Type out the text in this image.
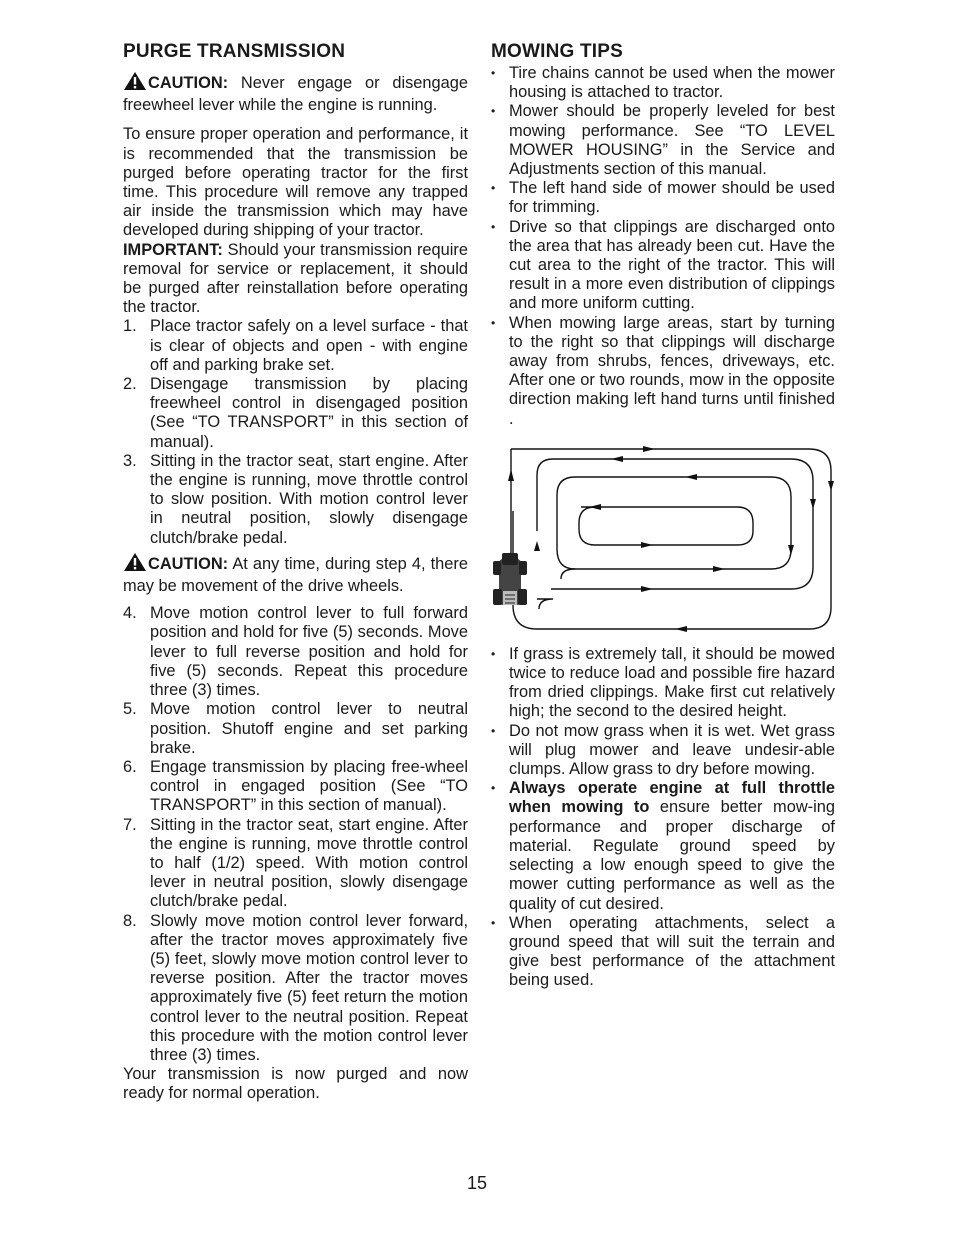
PURGE TRANSMISSION

CAUTION: Never engage or disengage freewheel lever while the engine is running.

To ensure proper operation and performance, it is recommended that the transmission be purged before operating tractor for the first time. This procedure will remove any trapped air inside the transmission which may have developed during shipping of your tractor.

IMPORTANT: Should your transmission require removal for service or replacement, it should be purged after reinstallation before operating the tractor.

1. Place tractor safely on a level surface - that is clear of objects and open - with engine off and parking brake set.
2. Disengage transmission by placing freewheel control in disengaged position (See “TO TRANSPORT” in this section of manual).
3. Sitting in the tractor seat, start engine. After the engine is running, move throttle control to slow position. With motion control lever in neutral position, slowly disengage clutch/brake pedal.

CAUTION: At any time, during step 4, there may be movement of the drive wheels.

4. Move motion control lever to full forward position and hold for five (5) seconds. Move lever to full reverse position and hold for five (5) seconds. Repeat this procedure three (3) times.
5. Move motion control lever to neutral position. Shutoff engine and set parking brake.
6. Engage transmission by placing free-wheel control in engaged position (See “TO TRANSPORT” in this section of manual).
7. Sitting in the tractor seat, start engine. After the engine is running, move throttle control to half (1/2) speed. With motion control lever in neutral position, slowly disengage clutch/brake pedal.
8. Slowly move motion control lever forward, after the tractor moves approximately five (5) feet, slowly move motion control lever to reverse position. After the tractor moves approximately five (5) feet return the motion control lever to the neutral position. Repeat this procedure with the motion control lever three (3) times.

Your transmission is now purged and now ready for normal operation.

MOWING TIPS
• Tire chains cannot be used when the mower housing is attached to tractor.
• Mower should be properly leveled for best mowing performance. See “TO LEVEL MOWER HOUSING” in the Service and Adjustments section of this manual.
• The left hand side of mower should be used for trimming.
• Drive so that clippings are discharged onto the area that has already been cut. Have the cut area to the right of the tractor. This will result in a more even distribution of clippings and more uniform cutting.
• When mowing large areas, start by turning to the right so that clippings will discharge away from shrubs, fences, driveways, etc. After one or two rounds, mow in the opposite direction making left hand turns until finished .
• If grass is extremely tall, it should be mowed twice to reduce load and possible fire hazard from dried clippings. Make first cut relatively high; the second to the desired height.
• Do not mow grass when it is wet. Wet grass will plug mower and leave undesir-able clumps. Allow grass to dry before mowing.
• Always operate engine at full throttle when mowing to ensure better mow-ing performance and proper discharge of material. Regulate ground speed by selecting a low enough speed to give the mower cutting performance as well as the quality of cut desired.
• When operating attachments, select a ground speed that will suit the terrain and give best performance of the attachment being used.
15
